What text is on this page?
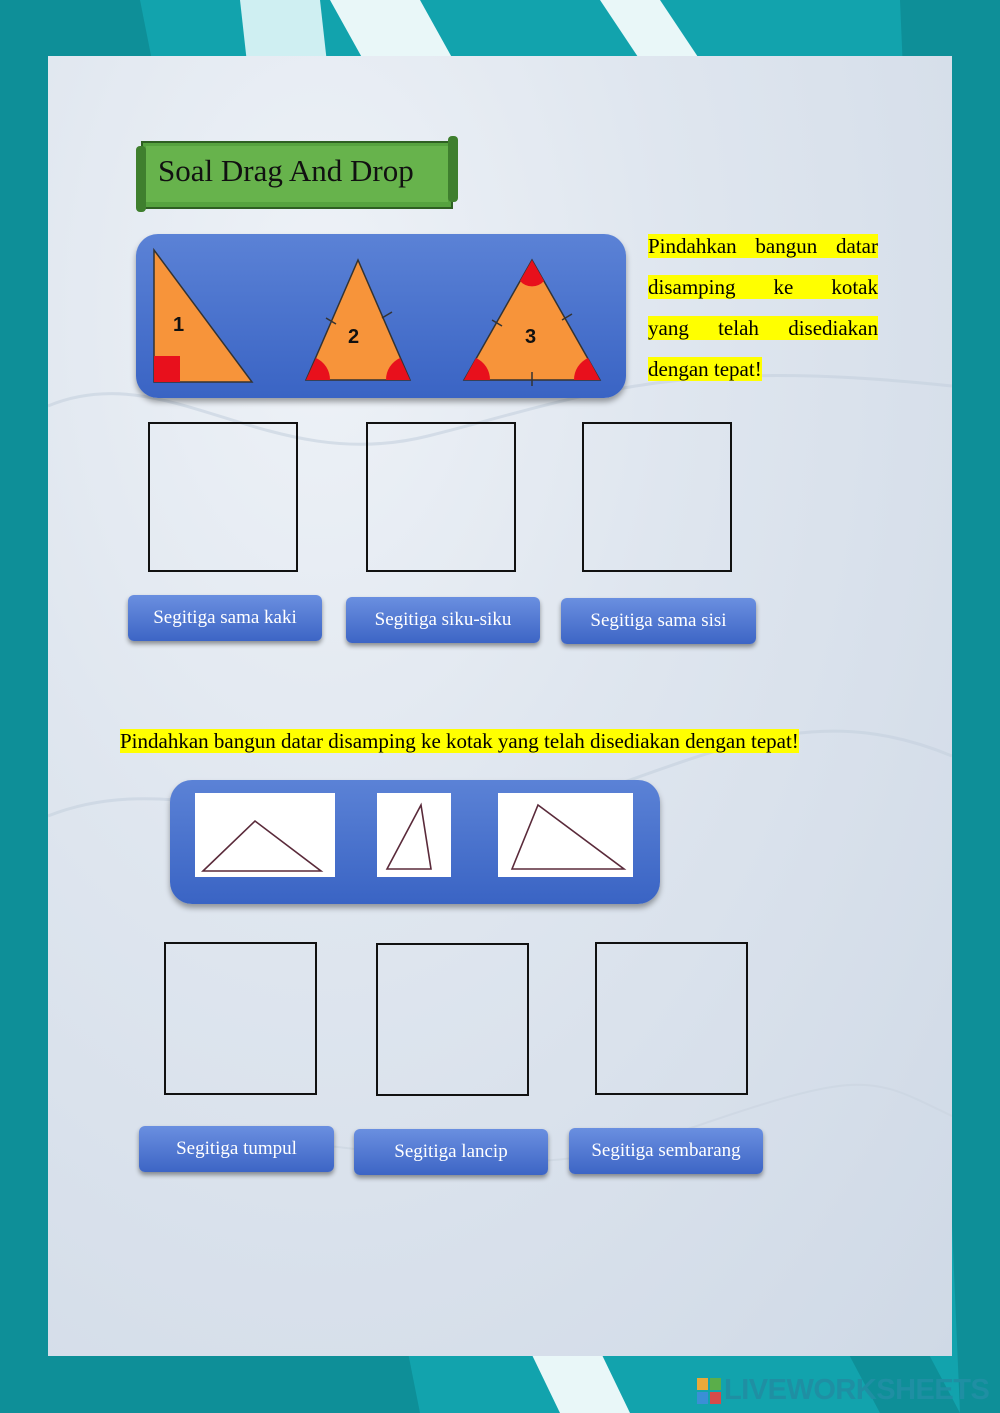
Soal Drag And Drop
1
2	3
Pindahkan bangun datar
disamping ke kotak
yang telah disediakan
dengan tepat!
Segitiga sama kaki	Segitiga siku-siku	Segitiga sama sisi
Pindahkan bangun datar disamping ke kotak yang telah disediakan dengan tepat!
Segitiga tumpul	Segitiga lancip	Segitiga sembarang
LIVEWORKSHEETS
